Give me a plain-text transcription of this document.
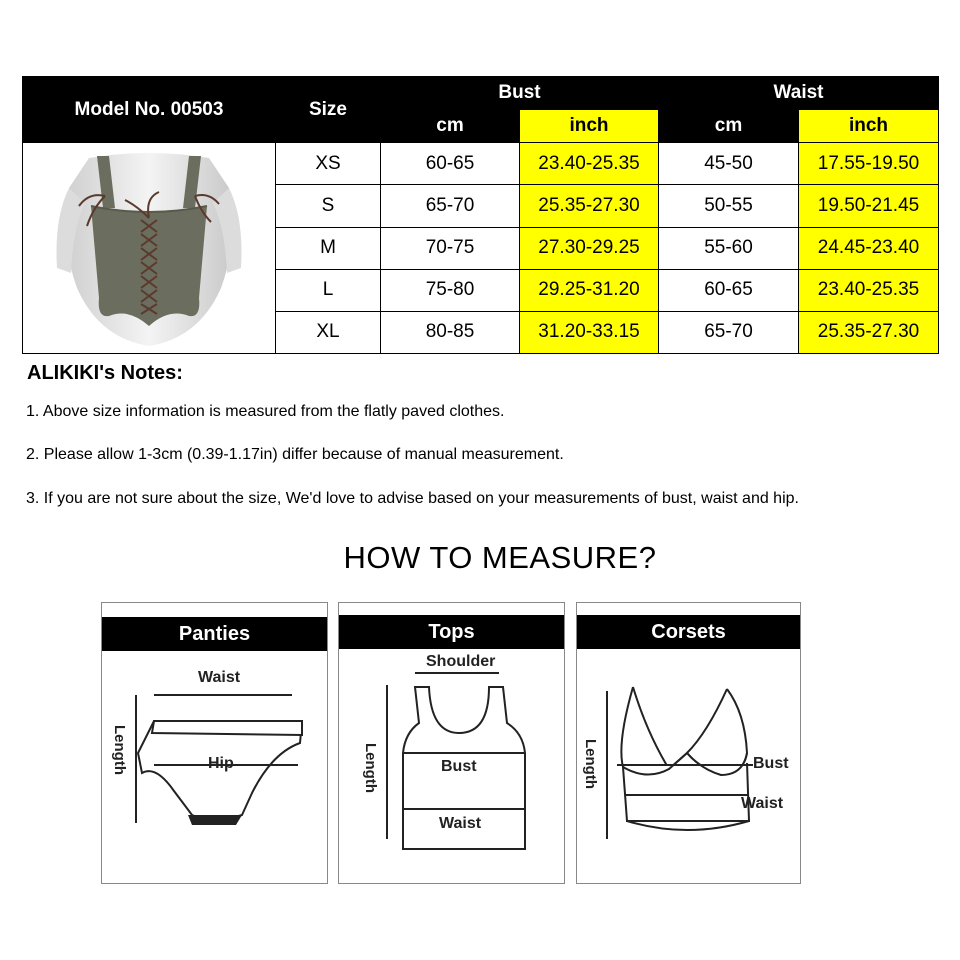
Model No. 00503	Size	Bust		Waist	
		cm	inch	cm	inch

	XS	60-65	23.40-25.35	45-50	17.55-19.50
	S	65-70	25.35-27.30	50-55	19.50-21.45
	M	70-75	27.30-29.25	55-60	24.45-23.40
	L	75-80	29.25-31.20	60-65	23.40-25.35
	XL	80-85	31.20-33.15	65-70	25.35-27.30
ALIKIKI's Notes:
1. Above size information is measured from the flatly paved clothes.
2. Please allow 1-3cm (0.39-1.17in) differ because of manual measurement.
3. If you are not sure about the size, We'd love to advise based on your measurements of bust, waist and hip.
HOW TO MEASURE?
Panties
Waist
Hip
Length
Tops
Shoulder
Bust
Waist
Length
Corsets
Bust
Waist
Length
